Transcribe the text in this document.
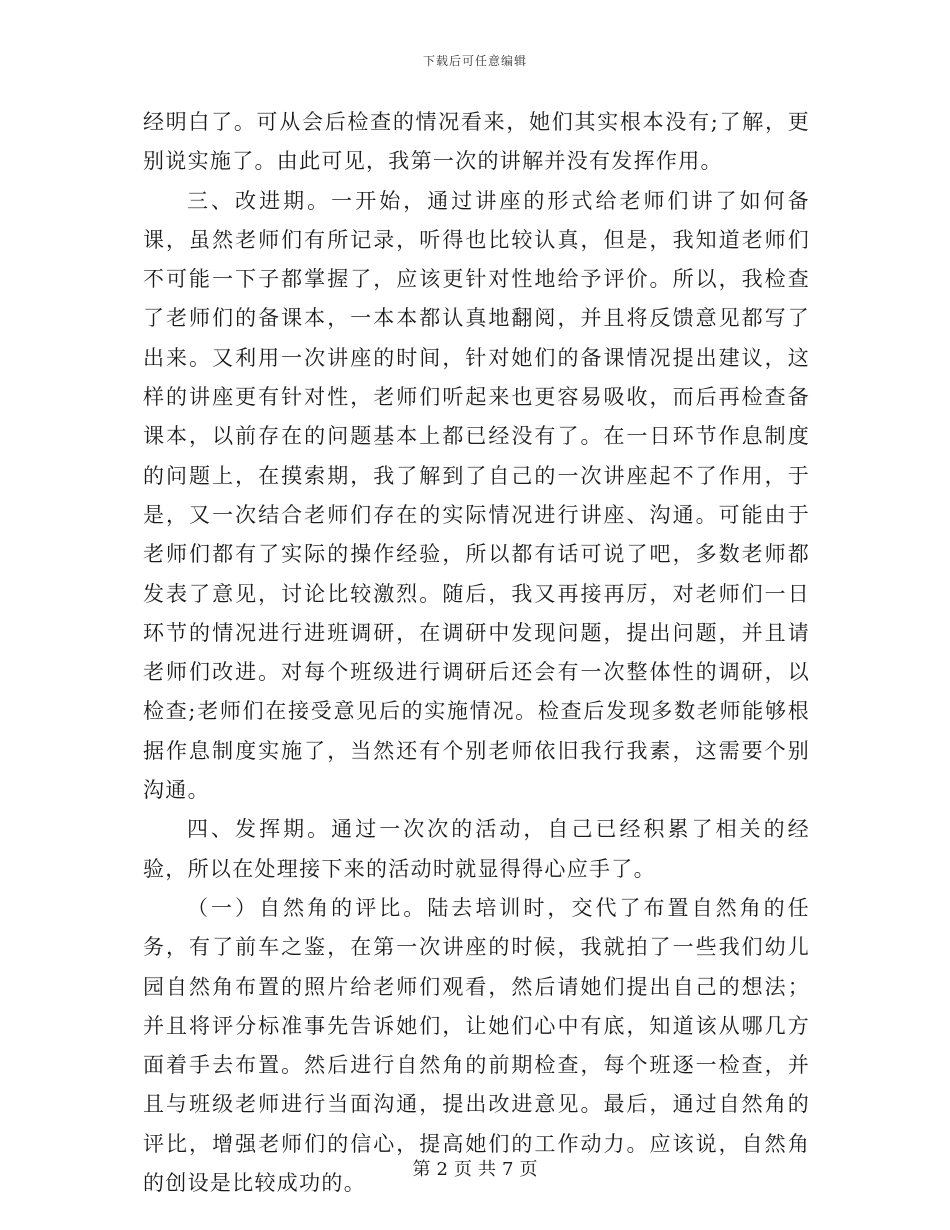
下载后可任意编辑

经明白了。可从会后检查的情况看来，她们其实根本没有;了解，更别说实施了。由此可见，我第一次的讲解并没有发挥作用。

三、改进期。一开始，通过讲座的形式给老师们讲了如何备课，虽然老师们有所记录，听得也比较认真，但是，我知道老师们不可能一下子都掌握了，应该更针对性地给予评价。所以，我检查了老师们的备课本，一本本都认真地翻阅，并且将反馈意见都写了出来。又利用一次讲座的时间，针对她们的备课情况提出建议，这样的讲座更有针对性，老师们听起来也更容易吸收，而后再检查备课本，以前存在的问题基本上都已经没有了。在一日环节作息制度的问题上，在摸索期，我了解到了自己的一次讲座起不了作用，于是，又一次结合老师们存在的实际情况进行讲座、沟通。可能由于老师们都有了实际的操作经验，所以都有话可说了吧，多数老师都发表了意见，讨论比较激烈。随后，我又再接再厉，对老师们一日环节的情况进行进班调研，在调研中发现问题，提出问题，并且请老师们改进。对每个班级进行调研后还会有一次整体性的调研，以检查;老师们在接受意见后的实施情况。检查后发现多数老师能够根据作息制度实施了，当然还有个别老师依旧我行我素，这需要个别沟通。

四、发挥期。通过一次次的活动，自己已经积累了相关的经验，所以在处理接下来的活动时就显得得心应手了。

（一）自然角的评比。陆去培训时，交代了布置自然角的任务，有了前车之鉴，在第一次讲座的时候，我就拍了一些我们幼儿园自然角布置的照片给老师们观看，然后请她们提出自己的想法；并且将评分标准事先告诉她们，让她们心中有底，知道该从哪几方面着手去布置。然后进行自然角的前期检查，每个班逐一检查，并且与班级老师进行当面沟通，提出改进意见。最后，通过自然角的评比，增强老师们的信心，提高她们的工作动力。应该说，自然角的创设是比较成功的。

第 2 页 共 7 页
